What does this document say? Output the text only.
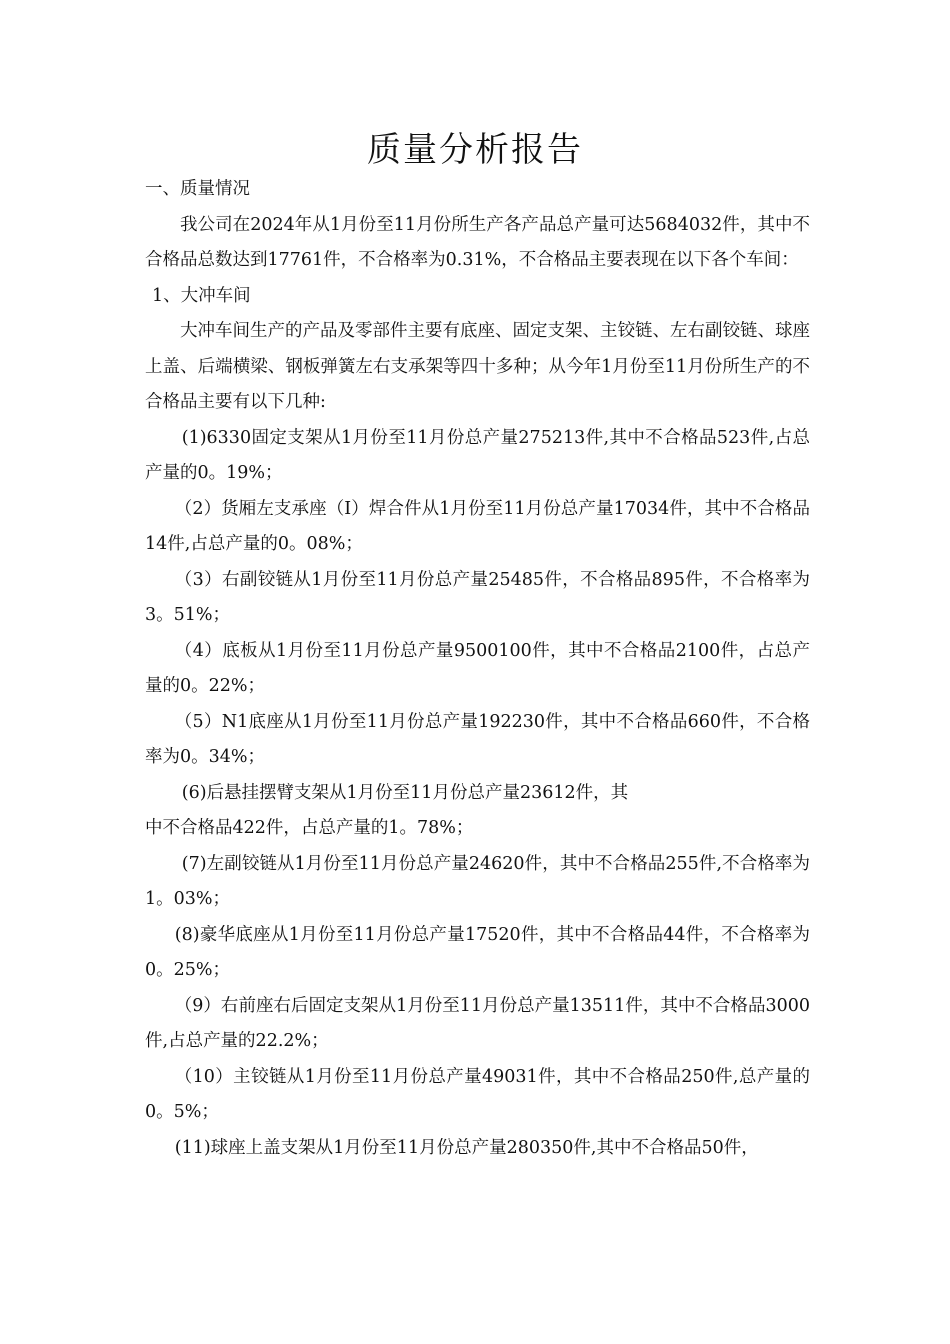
质量分析报告

一、质量情况

我公司在2024年从1月份至11月份所生产各产品总产量可达5684032件，其中不合格品总数达到17761件，不合格率为0.31%，不合格品主要表现在以下各个车间：

1、大冲车间

大冲车间生产的产品及零部件主要有底座、固定支架、主铰链、左右副铰链、球座上盖、后端横梁、钢板弹簧左右支承架等四十多种；从今年1月份至11月份所生产的不合格品主要有以下几种:

(1)6330固定支架从1月份至11月份总产量275213件,其中不合格品523件,占总产量的0。19%；

（2）货厢左支承座（Ⅰ）焊合件从1月份至11月份总产量17034件，其中不合格品14件,占总产量的0。08%；

（3）右副铰链从1月份至11月份总产量25485件，不合格品895件，不合格率为3。51%；

（4）底板从1月份至11月份总产量9500100件，其中不合格品2100件，占总产量的0。22%；

（5）N1底座从1月份至11月份总产量192230件，其中不合格品660件，不合格率为0。34%；

(6)后悬挂摆臂支架从1月份至11月份总产量23612件，其

中不合格品422件，占总产量的1。78%；

(7)左副铰链从1月份至11月份总产量24620件，其中不合格品255件,不合格率为1。03%；

(8)豪华底座从1月份至11月份总产量17520件，其中不合格品44件，不合格率为0。25%；

（9）右前座右后固定支架从1月份至11月份总产量13511件，其中不合格品3000件,占总产量的22.2%；

（10）主铰链从1月份至11月份总产量49031件，其中不合格品250件,总产量的0。5%；

(11)球座上盖支架从1月份至11月份总产量280350件,其中不合格品50件，
